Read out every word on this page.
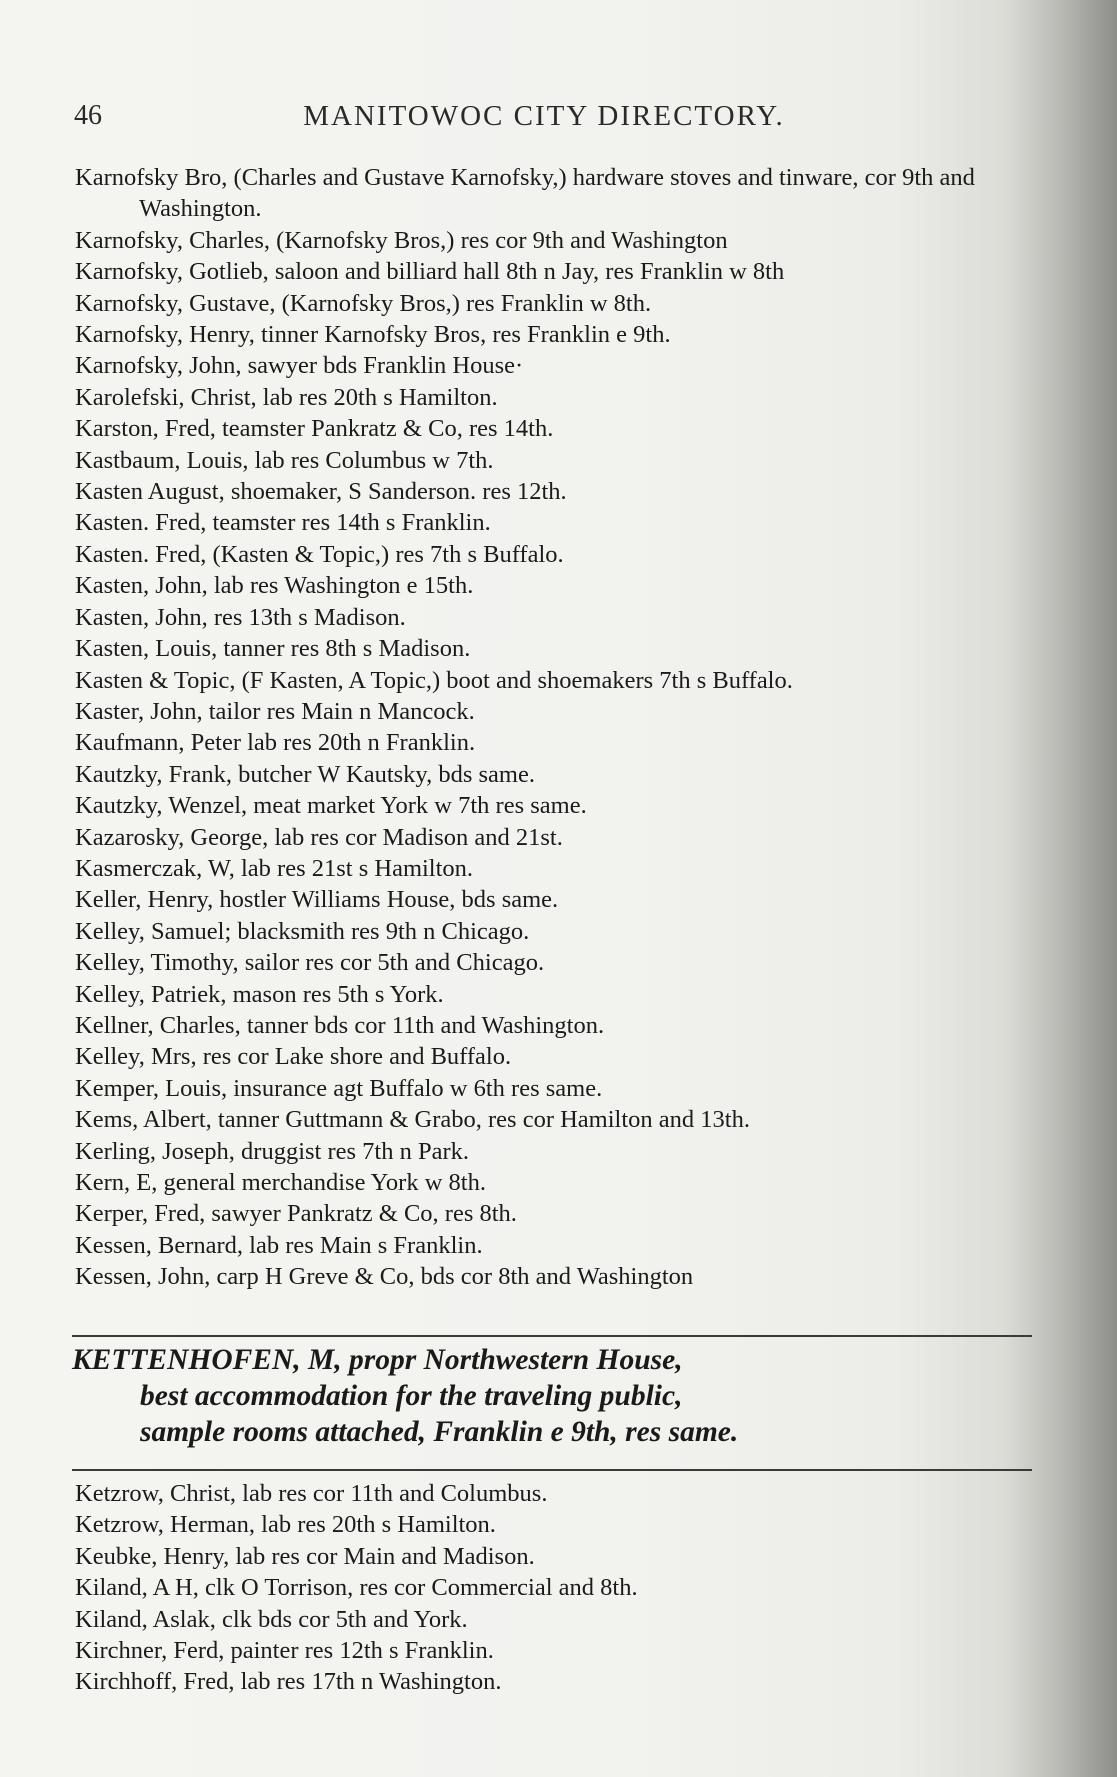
46	MANITOWOC CITY DIRECTORY.
Karnofsky Bro, (Charles and Gustave Karnofsky,) hardware stoves and tinware, cor 9th and Washington.
Karnofsky, Charles, (Karnofsky Bros,) res cor 9th and Washington
Karnofsky, Gotlieb, saloon and billiard hall 8th n Jay, res Franklin w 8th
Karnofsky, Gustave, (Karnofsky Bros,) res Franklin w 8th.
Karnofsky, Henry, tinner Karnofsky Bros, res Franklin e 9th.
Karnofsky, John, sawyer bds Franklin House·
Karolefski, Christ, lab res 20th s Hamilton.
Karston, Fred, teamster Pankratz & Co, res 14th.
Kastbaum, Louis, lab res Columbus w 7th.
Kasten August, shoemaker, S Sanderson. res 12th.
Kasten. Fred, teamster res 14th s Franklin.
Kasten. Fred, (Kasten & Topic,) res 7th s Buffalo.
Kasten, John, lab res Washington e 15th.
Kasten, John, res 13th s Madison.
Kasten, Louis, tanner res 8th s Madison.
Kasten & Topic, (F Kasten, A Topic,) boot and shoemakers 7th s Buffalo.
Kaster, John, tailor res Main n Mancock.
Kaufmann, Peter lab res 20th n Franklin.
Kautzky, Frank, butcher W Kautsky, bds same.
Kautzky, Wenzel, meat market York w 7th res same.
Kazarosky, George, lab res cor Madison and 21st.
Kasmerczak, W, lab res 21st s Hamilton.
Keller, Henry, hostler Williams House, bds same.
Kelley, Samuel; blacksmith res 9th n Chicago.
Kelley, Timothy, sailor res cor 5th and Chicago.
Kelley, Patriek, mason res 5th s York.
Kellner, Charles, tanner bds cor 11th and Washington.
Kelley, Mrs, res cor Lake shore and Buffalo.
Kemper, Louis, insurance agt Buffalo w 6th res same.
Kems, Albert, tanner Guttmann & Grabo, res cor Hamilton and 13th.
Kerling, Joseph, druggist res 7th n Park.
Kern, E, general merchandise York w 8th.
Kerper, Fred, sawyer Pankratz & Co, res 8th.
Kessen, Bernard, lab res Main s Franklin.
Kessen, John, carp H Greve & Co, bds cor 8th and Washington
KETTENHOFEN, M, propr Northwestern House,
best accommodation for the traveling public,
sample rooms attached, Franklin e 9th, res same.
Ketzrow, Christ, lab res cor 11th and Columbus.
Ketzrow, Herman, lab res 20th s Hamilton.
Keubke, Henry, lab res cor Main and Madison.
Kiland, A H, clk O Torrison, res cor Commercial and 8th.
Kiland, Aslak, clk bds cor 5th and York.
Kirchner, Ferd, painter res 12th s Franklin.
Kirchhoff, Fred, lab res 17th n Washington.
